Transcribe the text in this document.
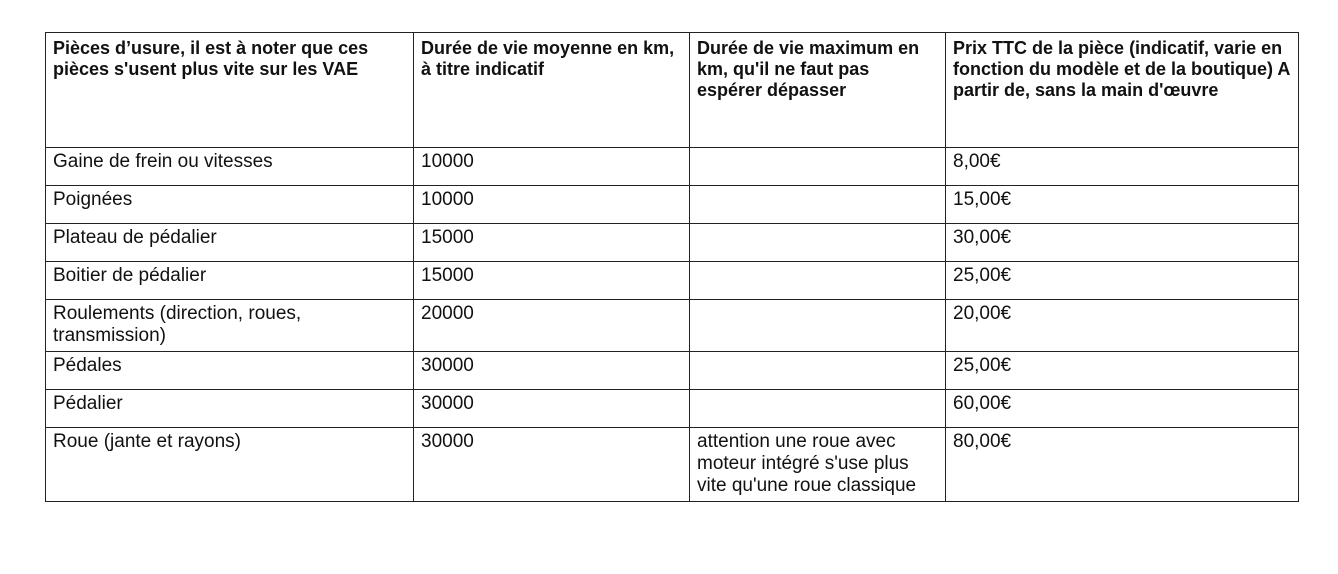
Pièces d’usure, il est à noter que ces pièces s'usent plus vite sur les VAE	Durée de vie moyenne en km, à titre indicatif	Durée de vie maximum en km, qu'il ne faut pas espérer dépasser	Prix TTC de la pièce (indicatif, varie en fonction du modèle et de la boutique) A partir de, sans la main d'œuvre
Gaine de frein ou vitesses	10000		8,00€
Poignées	10000		15,00€
Plateau de pédalier	15000		30,00€
Boitier de pédalier	15000		25,00€
Roulements (direction, roues, transmission)	20000		20,00€
Pédales	30000		25,00€
Pédalier	30000		60,00€
Roue (jante et rayons)	30000	attention une roue avec moteur intégré s'use plus vite qu'une roue classique	80,00€
